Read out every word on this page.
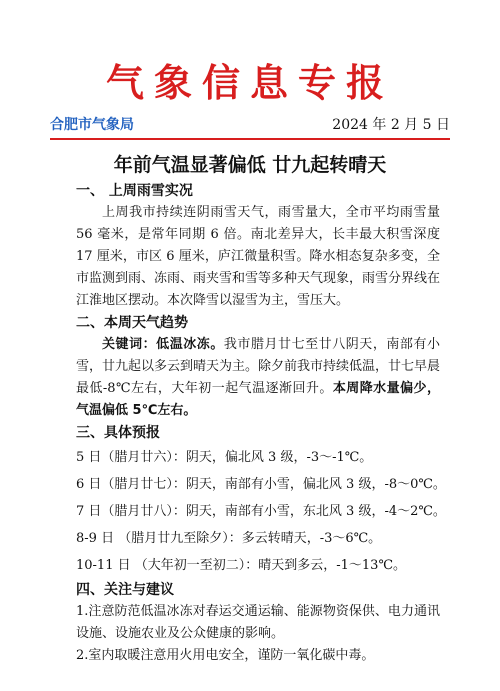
气象信息专报
合肥市气象局	2024 年 2 月 5 日
年前气温显著偏低 廿九起转晴天
一、 上周雨雪实况
上周我市持续连阴雨雪天气，雨雪量大，全市平均雨雪量 56 毫米，是常年同期 6 倍。南北差异大，长丰最大积雪深度 17 厘米，市区 6 厘米，庐江微量积雪。降水相态复杂多变，全市监测到雨、冻雨、雨夹雪和雪等多种天气现象，雨雪分界线在江淮地区摆动。本次降雪以湿雪为主，雪压大。
二、本周天气趋势
关键词：低温冰冻。我市腊月廿七至廿八阴天，南部有小雪，廿九起以多云到晴天为主。除夕前我市持续低温，廿七早晨最低-8℃左右，大年初一起气温逐渐回升。本周降水量偏少，气温偏低 5℃左右。
三、具体预报
5 日（腊月廿六）：阴天，偏北风 3 级，-3～-1℃。
6 日（腊月廿七）：阴天，南部有小雪，偏北风 3 级，-8～0℃。
7 日（腊月廿八）：阴天，南部有小雪，东北风 3 级，-4～2℃。
8-9 日 （腊月廿九至除夕）：多云转晴天，-3～6℃。
10-11 日 （大年初一至初二）：晴天到多云，-1～13℃。
四、关注与建议
1.注意防范低温冰冻对春运交通运输、能源物资保供、电力通讯设施、设施农业及公众健康的影响。
2.室内取暖注意用火用电安全，谨防一氧化碳中毒。
